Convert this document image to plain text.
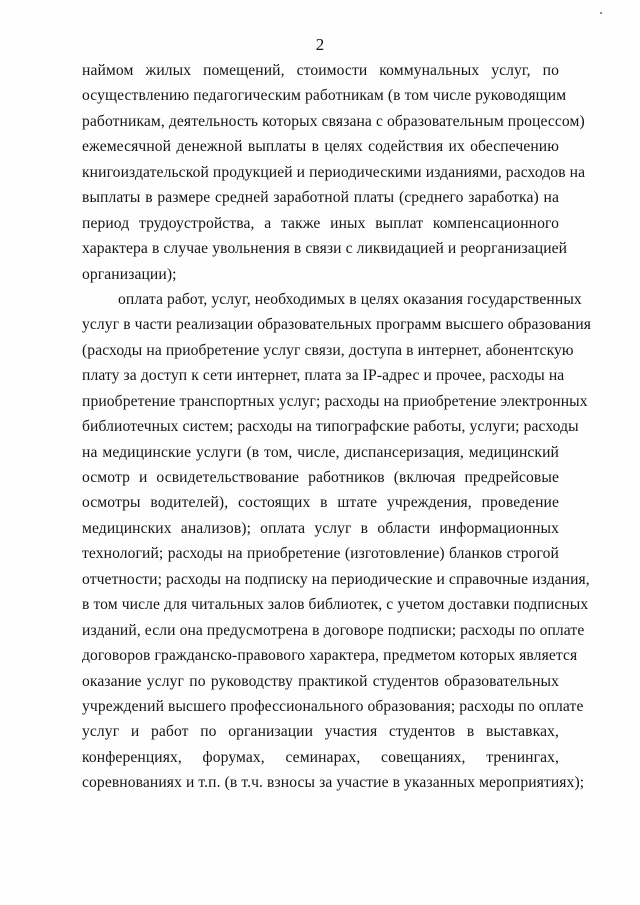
2

наймом жилых помещений, стоимости коммунальных услуг, по
осуществлению педагогическим работникам (в том числе руководящим
работникам, деятельность которых связана с образовательным процессом)
ежемесячной денежной выплаты в целях содействия их обеспечению
книгоиздательской продукцией и периодическими изданиями, расходов на
выплаты в размере средней заработной платы (среднего заработка) на
период трудоустройства, а также иных выплат компенсационного
характера в случае увольнения в связи с ликвидацией и реорганизацией
организации);

оплата работ, услуг, необходимых в целях оказания государственных
услуг в части реализации образовательных программ высшего образования
(расходы на приобретение услуг связи, доступа в интернет, абонентскую
плату за доступ к сети интернет, плата за IP-адрес и прочее, расходы на
приобретение транспортных услуг; расходы на приобретение электронных
библиотечных систем; расходы на типографские работы, услуги; расходы
на медицинские услуги (в том, числе, диспансеризация, медицинский
осмотр и освидетельствование работников (включая предрейсовые
осмотры водителей), состоящих в штате учреждения, проведение
медицинских анализов); оплата услуг в области информационных
технологий; расходы на приобретение (изготовление) бланков строгой
отчетности; расходы на подписку на периодические и справочные издания,
в том числе для читальных залов библиотек, с учетом доставки подписных
изданий, если она предусмотрена в договоре подписки; расходы по оплате
договоров гражданско-правового характера, предметом которых является
оказание услуг по руководству практикой студентов образовательных
учреждений высшего профессионального образования; расходы по оплате
услуг и работ по организации участия студентов в выставках,
конференциях, форумах, семинарах, совещаниях, тренингах,
соревнованиях и т.п. (в т.ч. взносы за участие в указанных мероприятиях);
